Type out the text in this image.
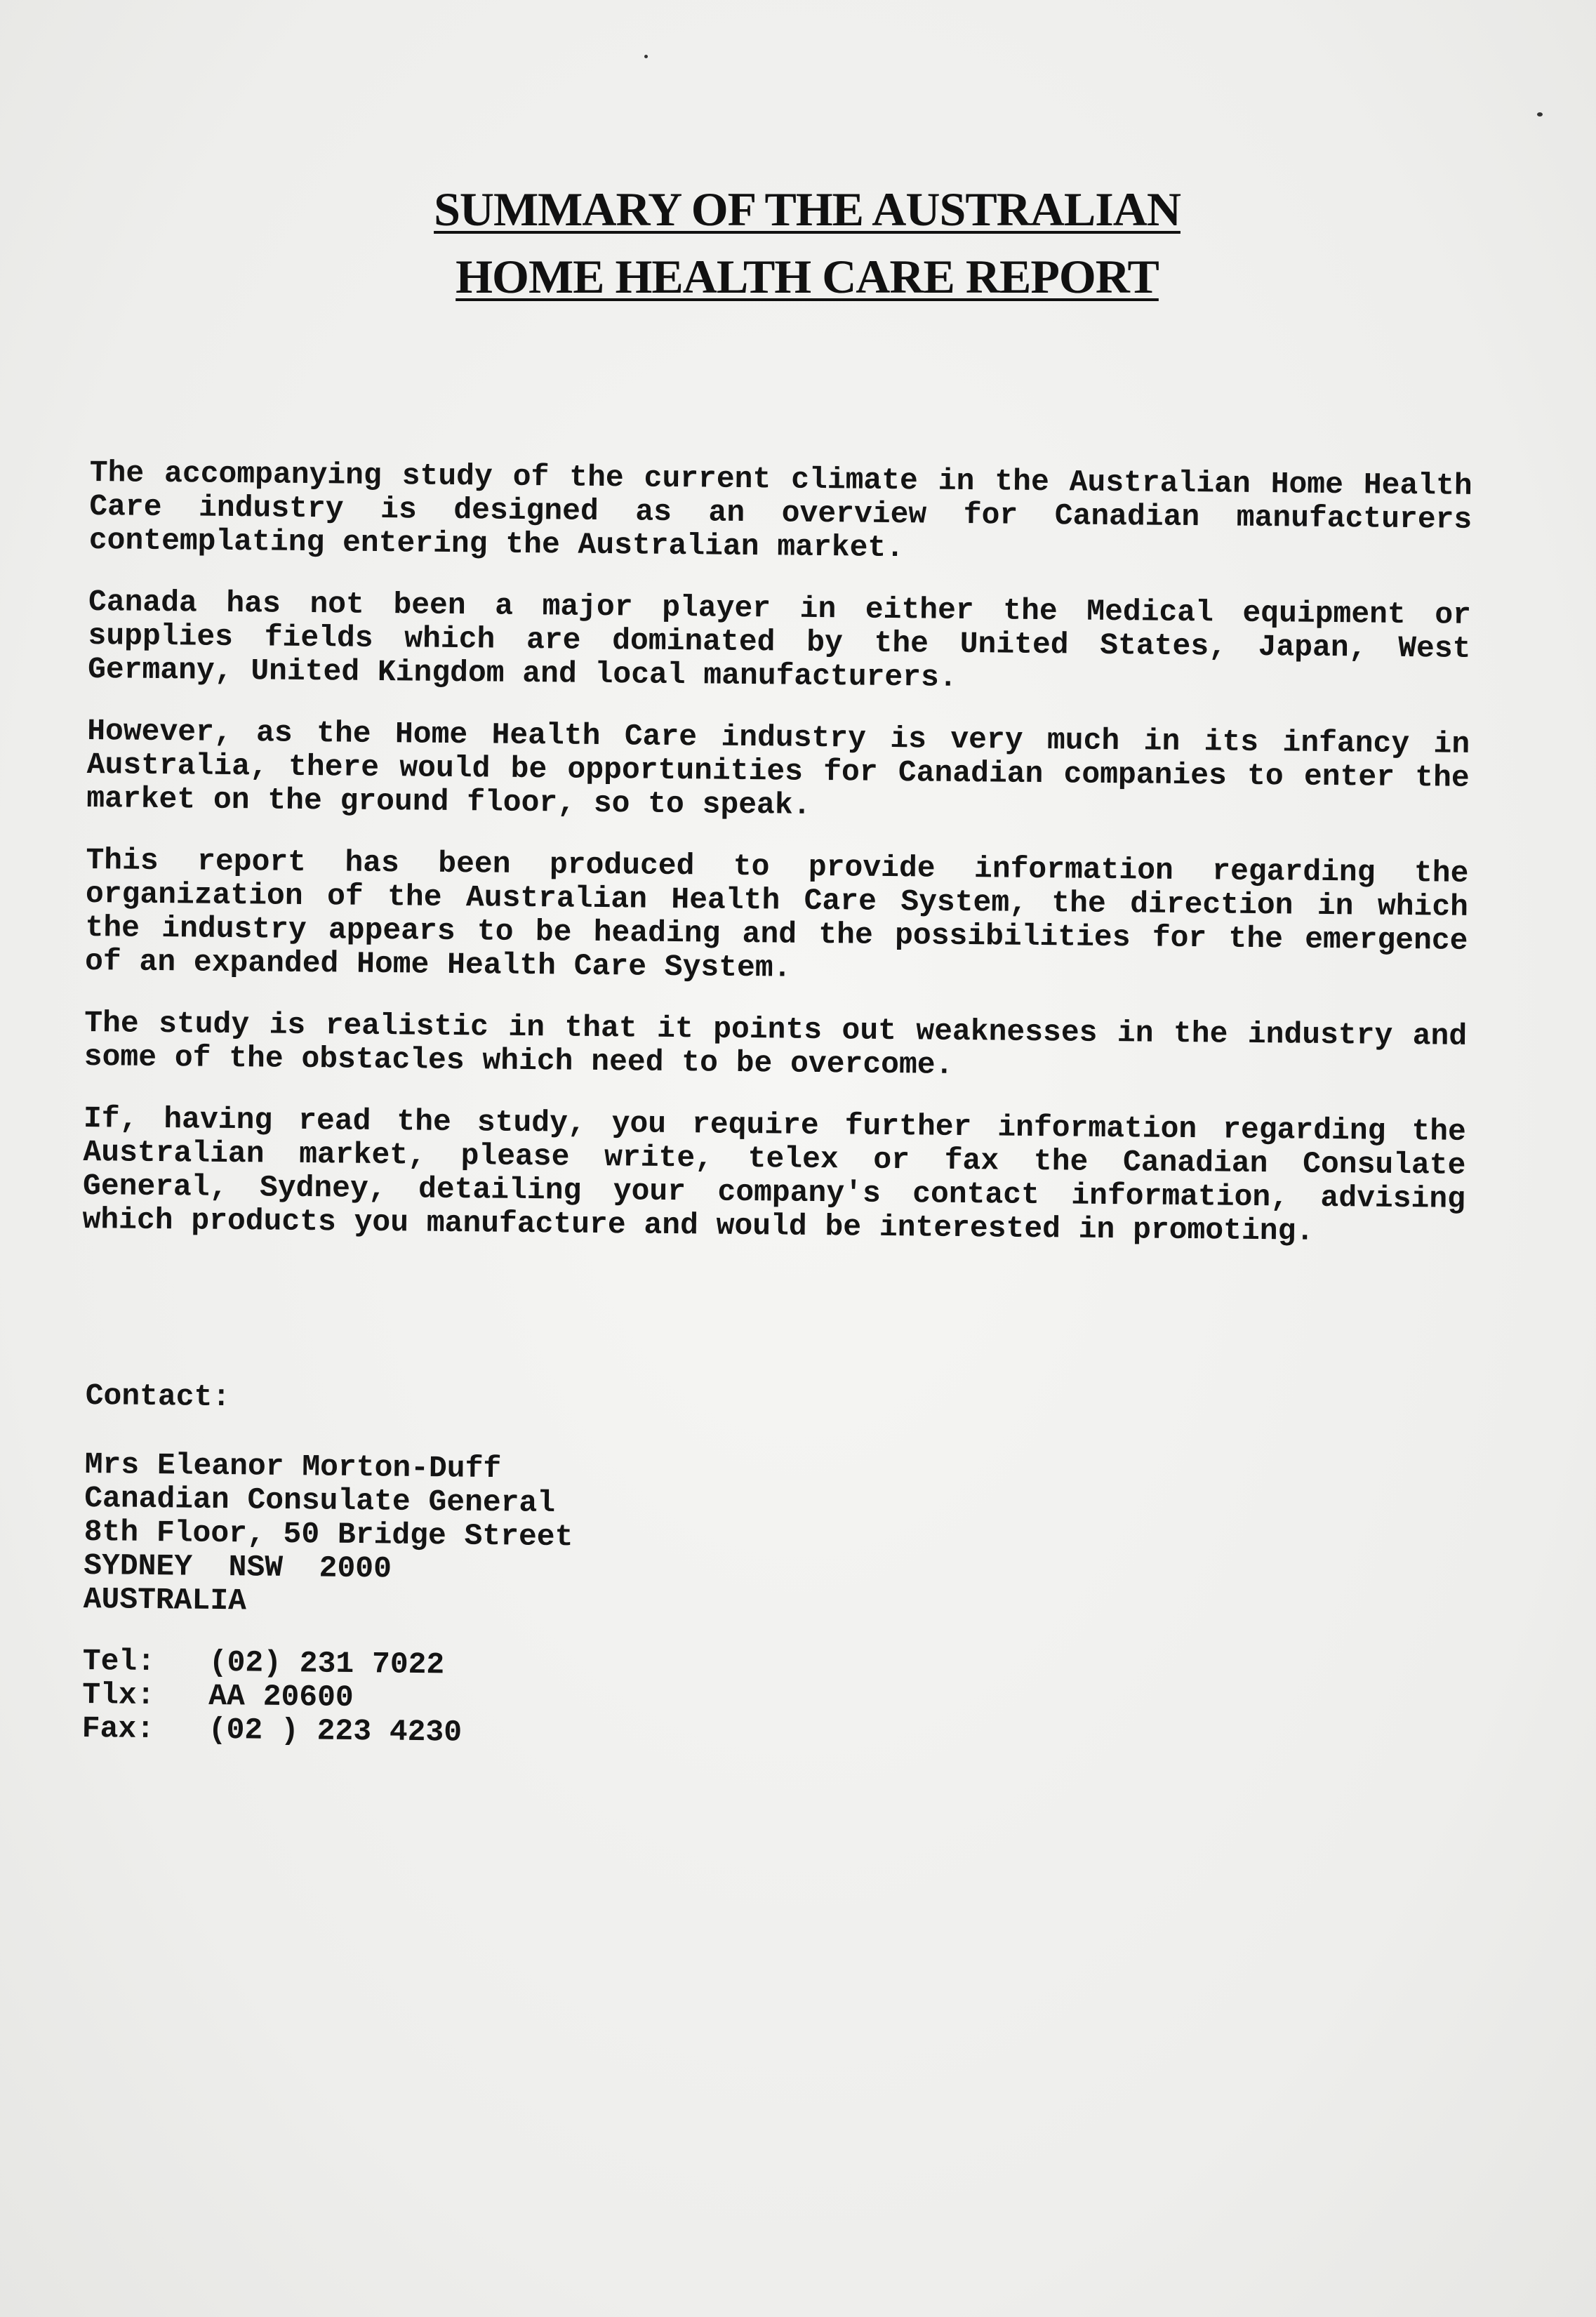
SUMMARY OF THE AUSTRALIAN
HOME HEALTH CARE REPORT

The accompanying study of the current climate in the Australian Home Health Care industry is designed as an overview for Canadian manufacturers contemplating entering the Australian market.

Canada has not been a major player in either the Medical equipment or supplies fields which are dominated by the United States, Japan, West Germany, United Kingdom and local manufacturers.

However, as the Home Health Care industry is very much in its infancy in Australia, there would be opportunities for Canadian companies to enter the market on the ground floor, so to speak.

This report has been produced to provide information regarding the organization of the Australian Health Care System, the direction in which the industry appears to be heading and the possibilities for the emergence of an expanded Home Health Care System.

The study is realistic in that it points out weaknesses in the industry and some of the obstacles which need to be overcome.

If, having read the study, you require further information regarding the Australian market, please write, telex or fax the Canadian Consulate General, Sydney, detailing your company's contact information, advising which products you manufacture and would be interested in promoting.

Contact:
Mrs Eleanor Morton-Duff
Canadian Consulate General
8th Floor, 50 Bridge Street
SYDNEY  NSW  2000
AUSTRALIA
Tel:	(02) 231 7022
Tlx:	AA 20600
Fax:	(02 ) 223 4230
